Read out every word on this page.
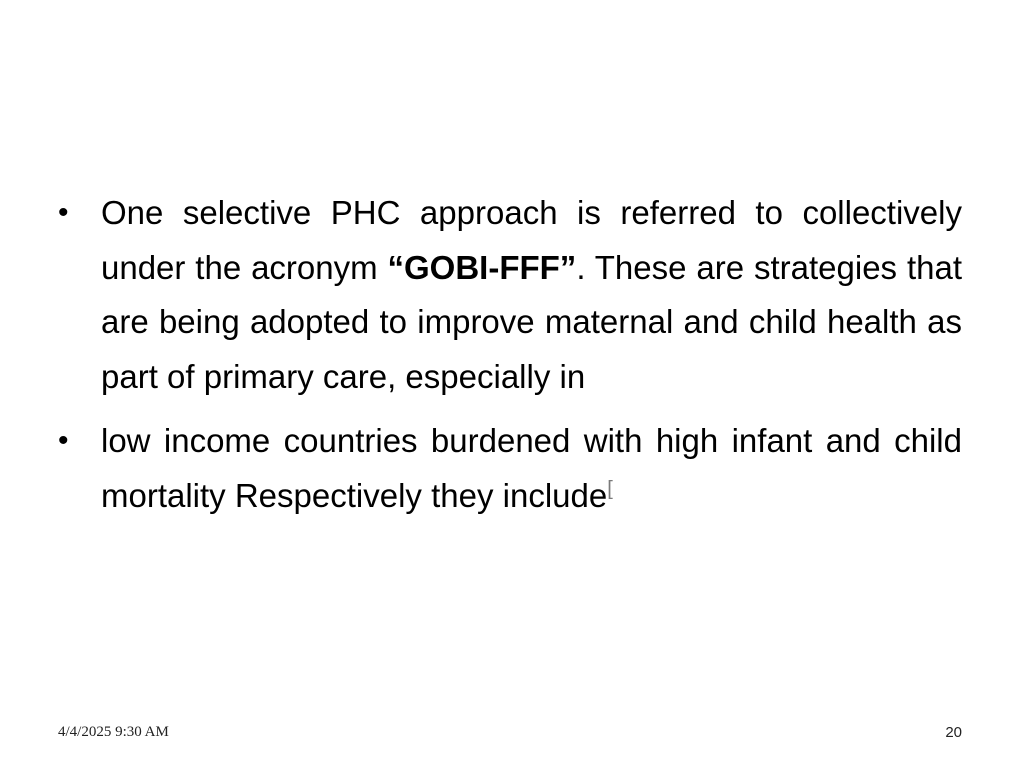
• One selective PHC approach is referred to collectively under the acronym “GOBI-FFF”. These are strategies that are being adopted to improve maternal and child health as part of primary care, especially in
• low income countries burdened with high infant and child mortality Respectively they include[
4/4/2025 9:30 AM	20
